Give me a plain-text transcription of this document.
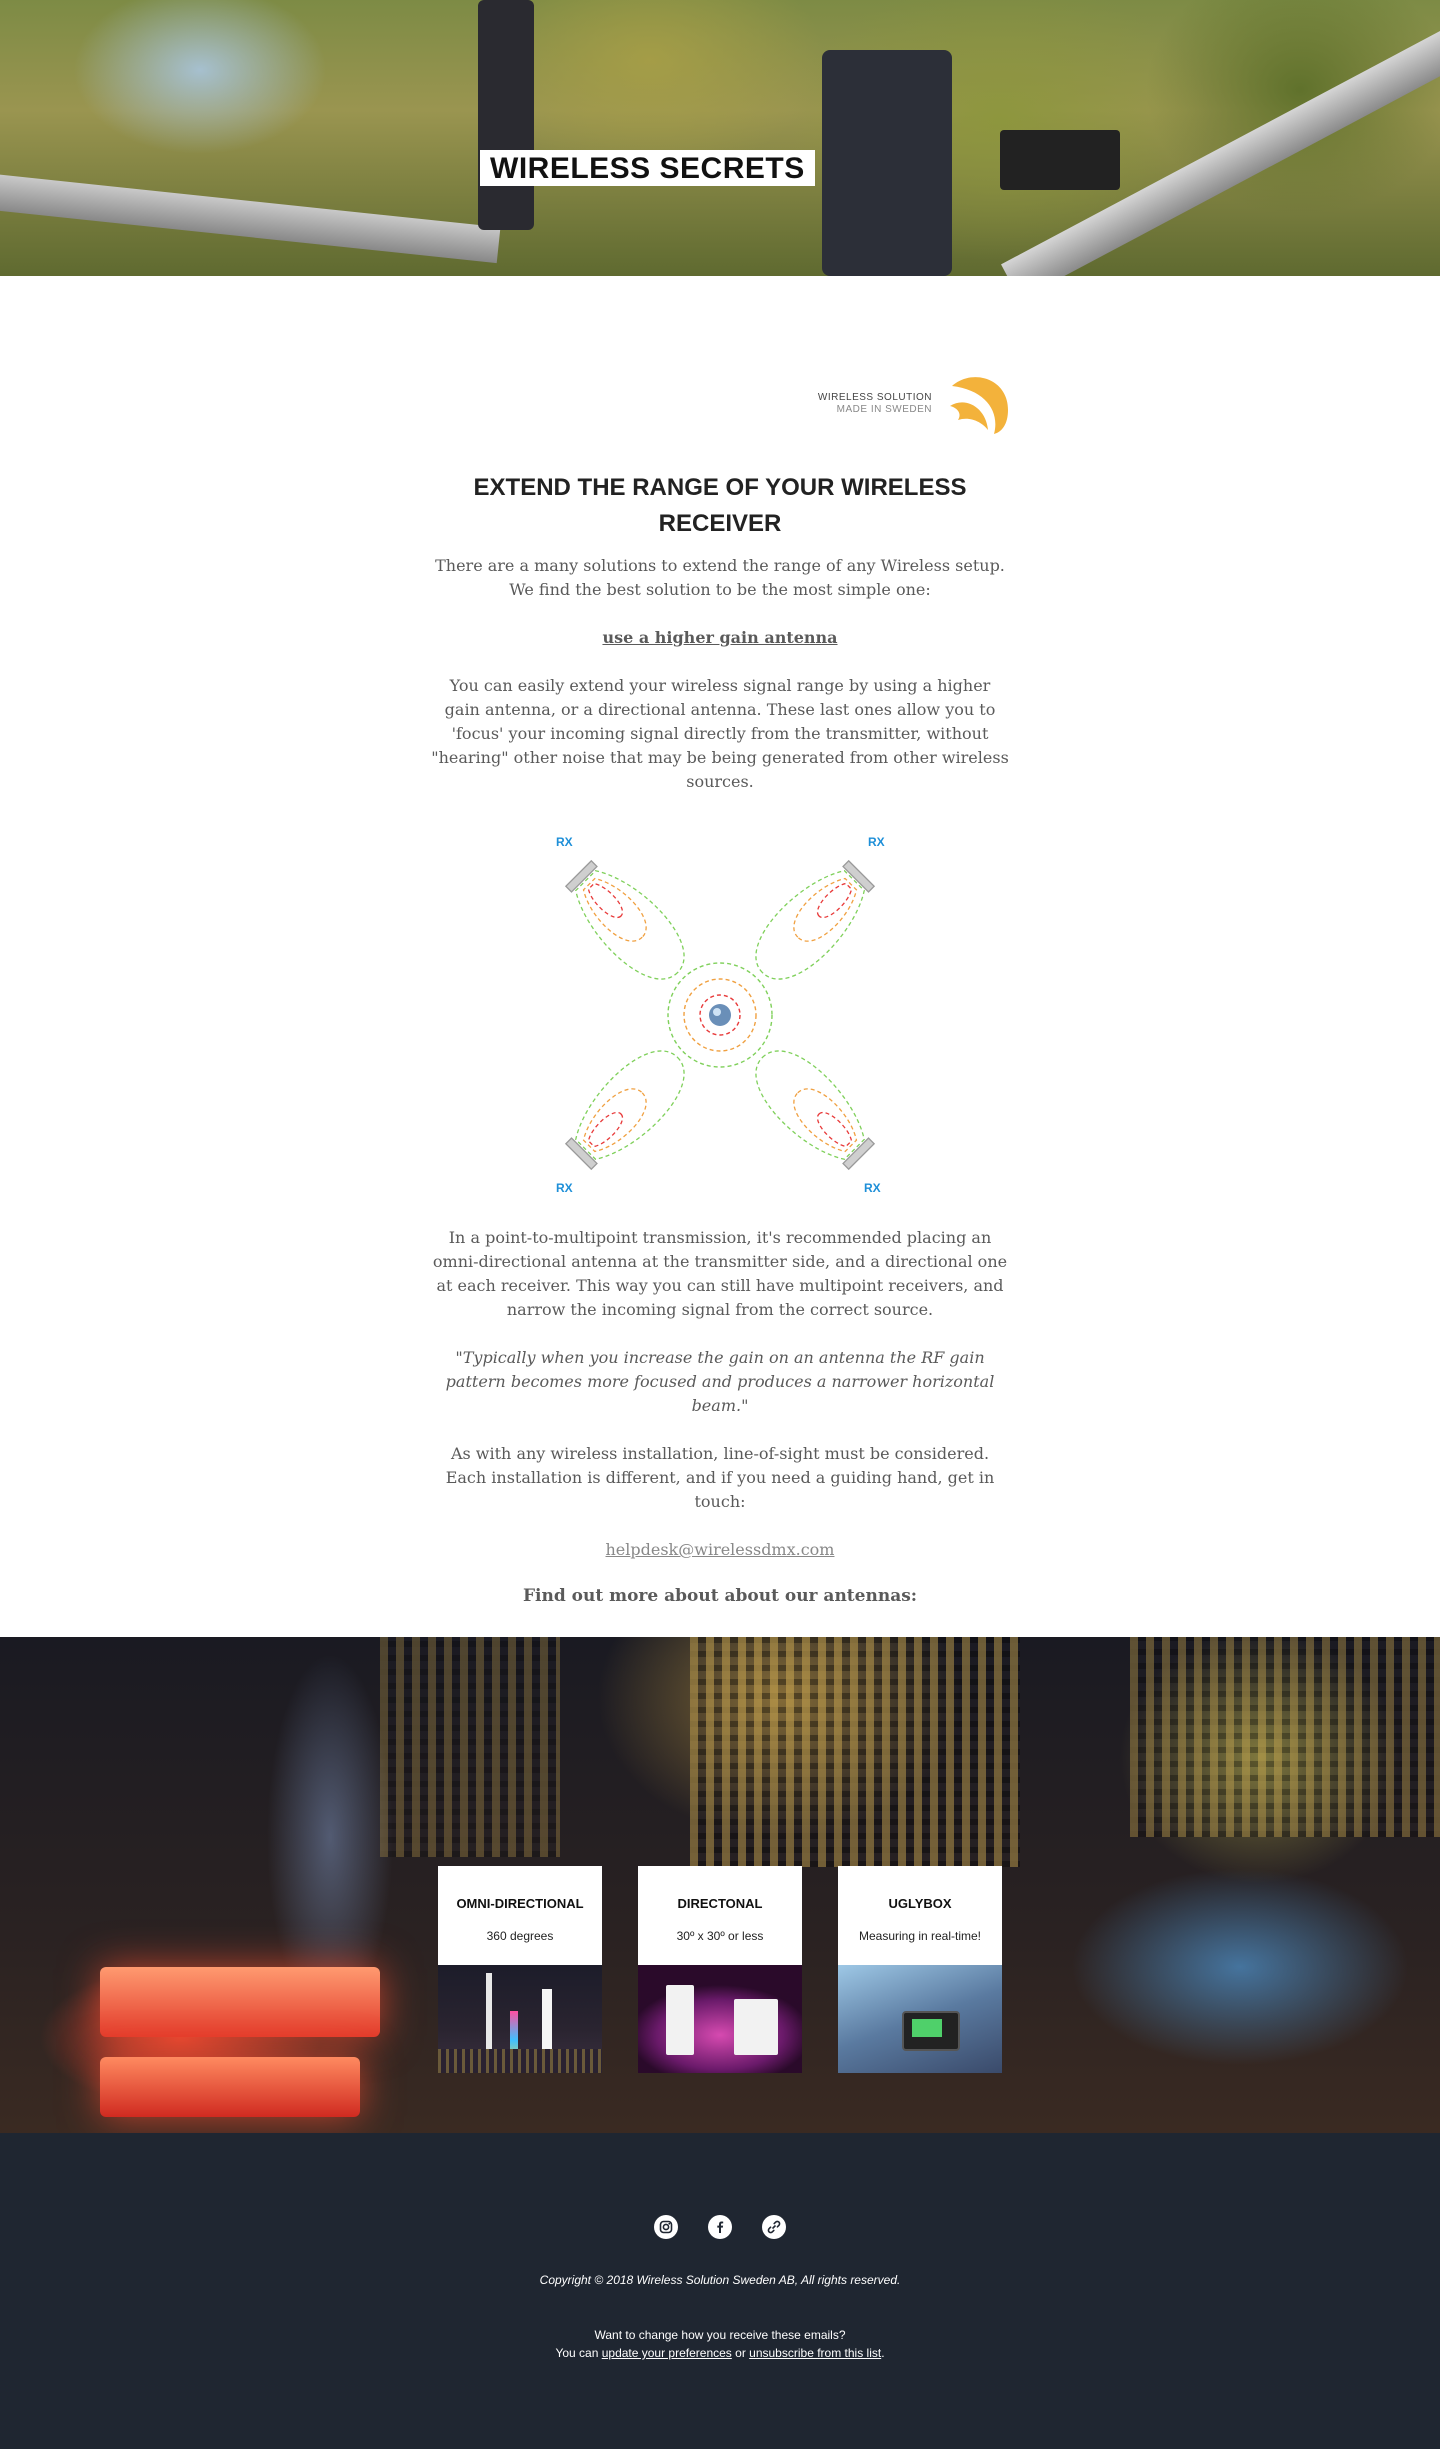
WIRELESS SECRETS
WIRELESS SOLUTION
MADE IN SWEDEN
EXTEND THE RANGE OF YOUR WIRELESS RECEIVER

There are a many solutions to extend the range of any Wireless setup.
We find the best solution to be the most simple one:

use a higher gain antenna

You can easily extend your wireless signal range by using a higher gain antenna, or a directional antenna. These last ones allow you to 'focus' your incoming signal directly from the transmitter, without "hearing" other noise that may be being generated from other wireless sources.

RX	RX
RX	RX

In a point-to-multipoint transmission, it's recommended placing an omni-directional antenna at the transmitter side, and a directional one at each receiver. This way you can still have multipoint receivers, and narrow the incoming signal from the correct source.

"Typically when you increase the gain on an antenna the RF gain pattern becomes more focused and produces a narrower horizontal beam."

As with any wireless installation, line-of-sight must be considered. Each installation is different, and if you need a guiding hand, get in touch:

helpdesk@wirelessdmx.com

Find out more about about our antennas:

OMNI-DIRECTIONAL

360 degrees

DIRECTONAL

30º x 30º or less

UGLYBOX

Measuring in real-time!

Copyright © 2018 Wireless Solution Sweden AB, All rights reserved.

Want to change how you receive these emails?
You can update your preferences or unsubscribe from this list.
